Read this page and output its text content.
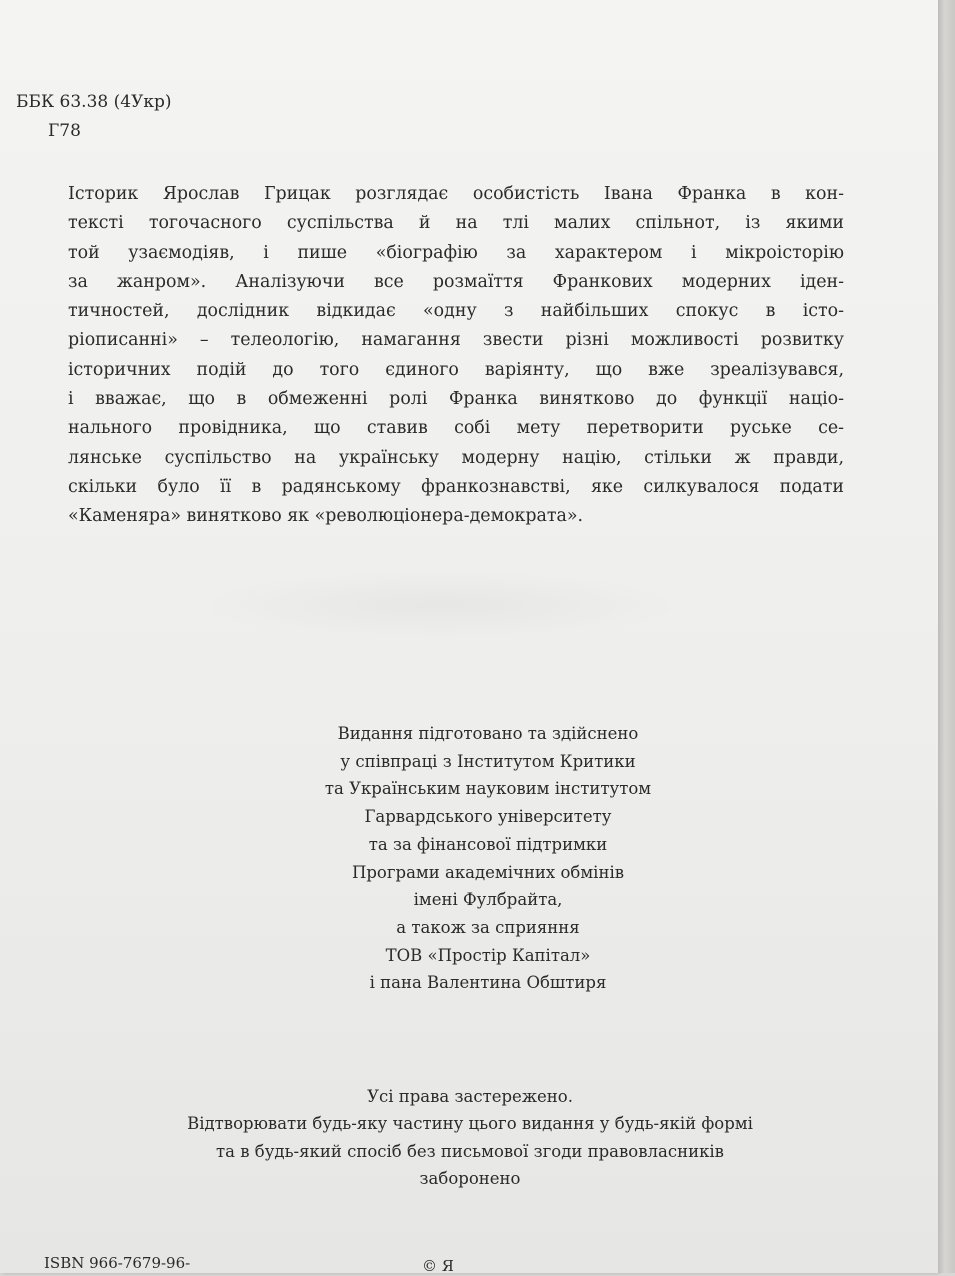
ББК 63.38 (4Укр)
Г78
Історик Ярослав Грицак розглядає особистість Івана Франка в кон-
тексті тогочасного суспільства й на тлі малих спільнот, із якими
той узаємодіяв, і пише «біографію за характером і мікроісторію
за жанром». Аналізуючи все розмаїття Франкових модерних іден-
тичностей, дослідник відкидає «одну з найбільших спокус в істо-
ріописанні» – телеологію, намагання звести різні можливості розвитку
історичних подій до того єдиного варіянту, що вже зреалізувався,
і вважає, що в обмеженні ролі Франка винятково до функції націо-
нального провідника, що ставив собі мету перетворити руське се-
лянське суспільство на українську модерну націю, стільки ж правди,
скільки було її в радянському франкознавстві, яке силкувалося подати
«Каменяра» винятково як «революціонера-демократа».
Видання підготовано та здійснено
у співпраці з Інститутом Критики
та Українським науковим інститутом
Гарвардського університету
та за фінансової підтримки
Програми академічних обмінів
імені Фулбрайта,
а також за сприяння
ТОВ «Простір Капітал»
і пана Валентина Обштиря
Усі права застережено.
Відтворювати будь-яку частину цього видання у будь-якій формі
та в будь-який спосіб без письмової згоди правовласників
заборонено
ISBN 966-7679-96-	© Я
